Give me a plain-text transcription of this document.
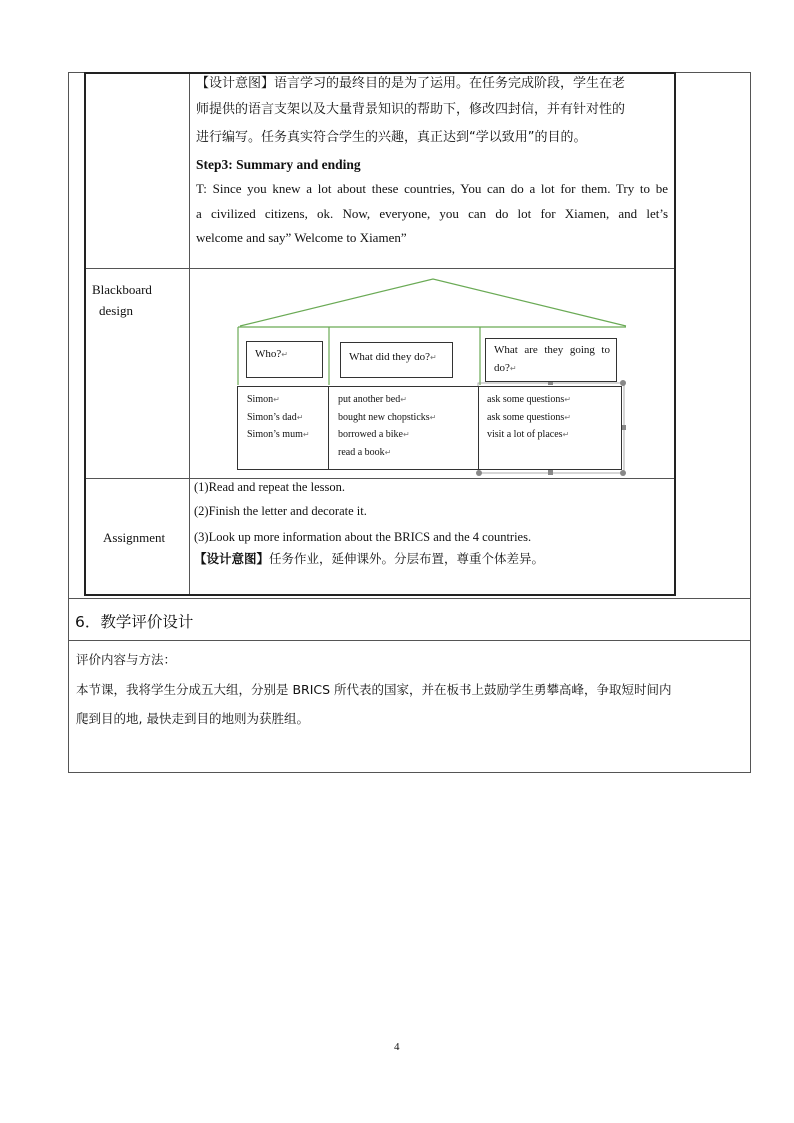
【设计意图】语言学习的最终目的是为了运用。在任务完成阶段，学生在老
师提供的语言支架以及大量背景知识的帮助下，修改四封信，并有针对性的
进行编写。任务真实符合学生的兴趣，真正达到“学以致用”的目的。
Step3: Summary and ending
T: Since you knew a lot about these countries, You can do a lot for them. Try to be
a civilized citizens, ok. Now, everyone, you can do lot for Xiamen, and let’s
welcome and say” Welcome to Xiamen”
Blackboard
design
Who?↵	What did they do?↵
What are they going to
do?↵
Simon↵
Simon’s dad↵
Simon’s mum↵
put another bed↵
bought new chopsticks↵
borrowed a bike↵
read a book↵
ask some questions↵
ask some questions↵
visit a lot of places↵
Assignment
(1)Read and repeat the lesson.
(2)Finish the letter and decorate it.
(3)Look up more information about the BRICS and the 4 countries.
【设计意图】任务作业，延伸课外。分层布置，尊重个体差异。
6．教学评价设计
评价内容与方法：
本节课，我将学生分成五大组，分别是 BRICS 所代表的国家，并在板书上鼓励学生勇攀高峰，争取短时间内
爬到目的地, 最快走到目的地则为获胜组。
4
